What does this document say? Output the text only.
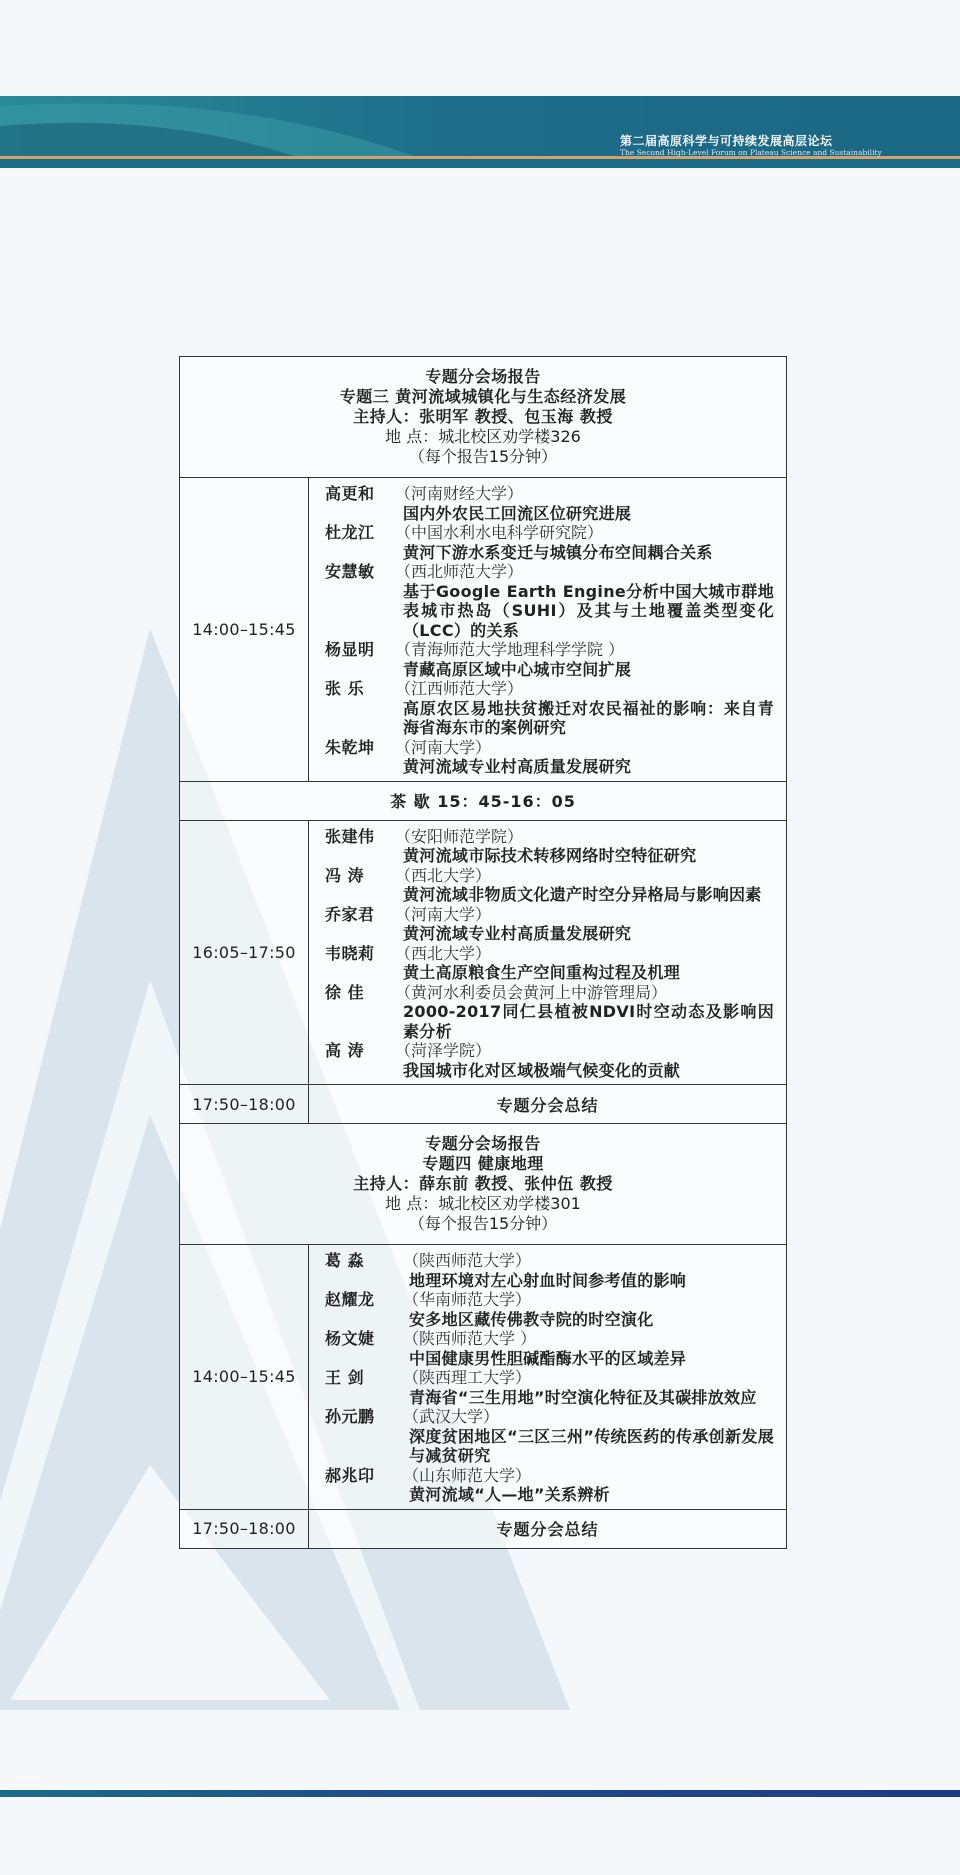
第二届高原科学与可持续发展高层论坛
The Second High-Level Forum on Plateau Science and Sustainability
专题分会场报告
专题三 黄河流域城镇化与生态经济发展
主持人：张明军 教授、包玉海 教授
地 点：城北校区劝学楼326
（每个报告15分钟）
14:00–15:45
高更和	（河南财经大学）
国内外农民工回流区位研究进展
杜龙江	（中国水利水电科学研究院）
黄河下游水系变迁与城镇分布空间耦合关系
安慧敏	（西北师范大学）
基于Google Earth Engine分析中国大城市群地表城市热岛（SUHI）及其与土地覆盖类型变化（LCC）的关系
杨显明	（青海师范大学地理科学学院 ）
青藏高原区域中心城市空间扩展
张 乐	（江西师范大学）
高原农区易地扶贫搬迁对农民福祉的影响：来自青海省海东市的案例研究
朱乾坤	（河南大学）
黄河流域专业村高质量发展研究
茶 歇 15：45-16：05
16:05–17:50
张建伟	（安阳师范学院）
黄河流域市际技术转移网络时空特征研究
冯 涛	（西北大学）
黄河流域非物质文化遗产时空分异格局与影响因素
乔家君	（河南大学）
黄河流域专业村高质量发展研究
韦晓莉	（西北大学）
黄土高原粮食生产空间重构过程及机理
徐 佳	（黄河水利委员会黄河上中游管理局）
2000-2017同仁县植被NDVI时空动态及影响因素分析
高 涛	（菏泽学院）
我国城市化对区域极端气候变化的贡献
17:50–18:00	专题分会总结
专题分会场报告
专题四 健康地理
主持人：薛东前 教授、张仲伍 教授
地 点：城北校区劝学楼301
（每个报告15分钟）
14:00–15:45
葛 淼	（陕西师范大学）
地理环境对左心射血时间参考值的影响
赵耀龙	（华南师范大学）
安多地区藏传佛教寺院的时空演化
杨文婕	（陕西师范大学 ）
中国健康男性胆碱酯酶水平的区域差异
王 剑	（陕西理工大学）
青海省“三生用地”时空演化特征及其碳排放效应
孙元鹏	（武汉大学）
深度贫困地区“三区三州”传统医药的传承创新发展与减贫研究
郝兆印	（山东师范大学）
黄河流域“人—地”关系辨析
17:50–18:00	专题分会总结
